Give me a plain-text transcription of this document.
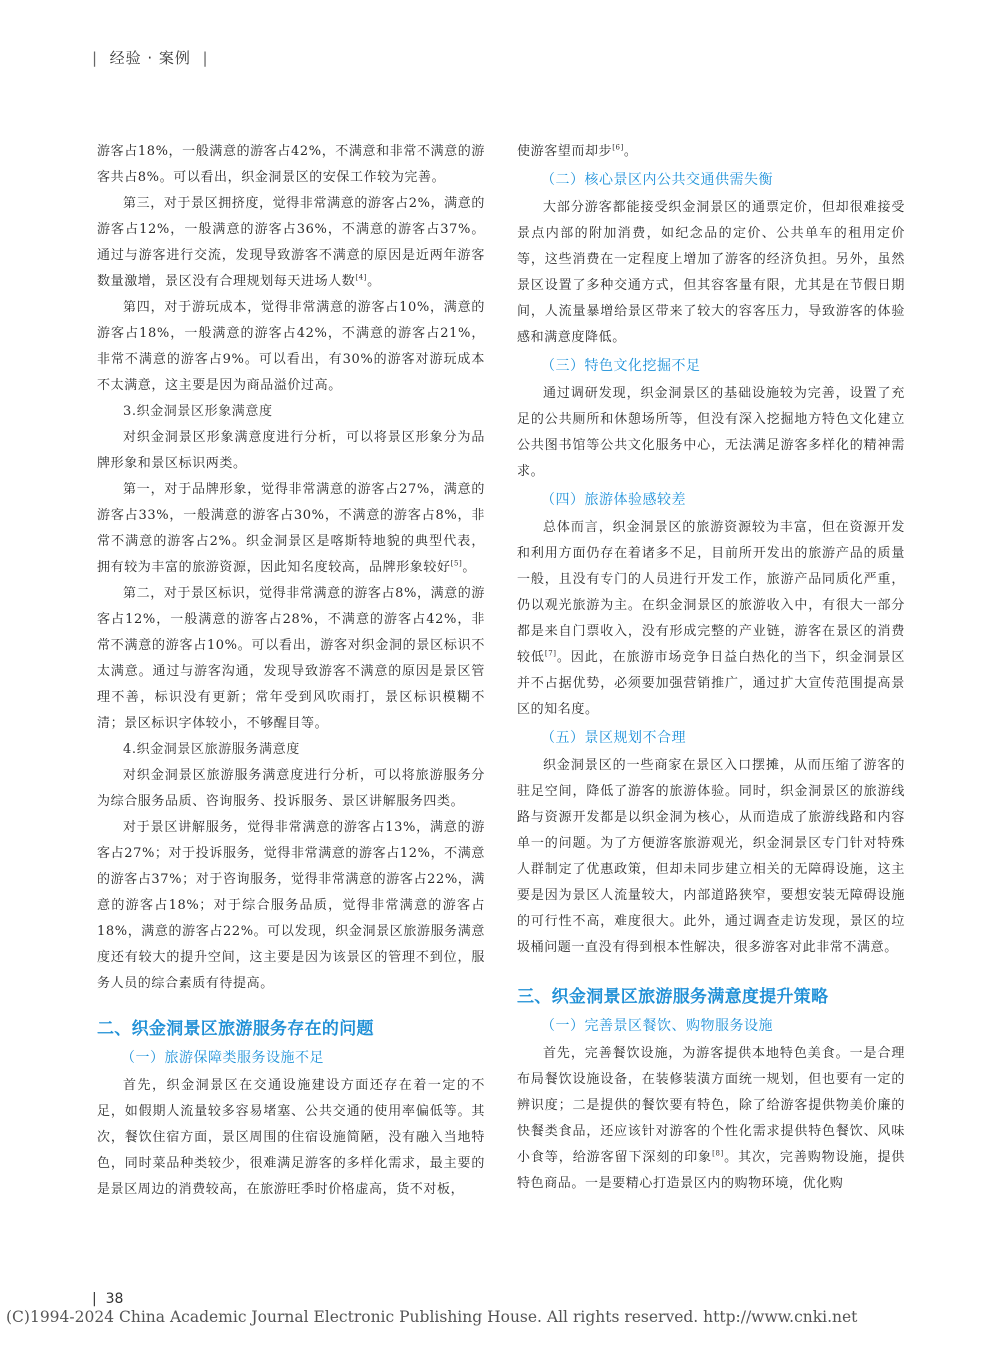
| 经验 · 案例 |

游客占18%，一般满意的游客占42%，不满意和非常不满意的游客共占8%。可以看出，织金洞景区的安保工作较为完善。

第三，对于景区拥挤度，觉得非常满意的游客占2%，满意的游客占12%，一般满意的游客占36%，不满意的游客占37%。通过与游客进行交流，发现导致游客不满意的原因是近两年游客数量激增，景区没有合理规划每天进场人数[4]。

第四，对于游玩成本，觉得非常满意的游客占10%，满意的游客占18%，一般满意的游客占42%，不满意的游客占21%，非常不满意的游客占9%。可以看出，有30%的游客对游玩成本不太满意，这主要是因为商品溢价过高。

3.织金洞景区形象满意度

对织金洞景区形象满意度进行分析，可以将景区形象分为品牌形象和景区标识两类。

第一，对于品牌形象，觉得非常满意的游客占27%，满意的游客占33%，一般满意的游客占30%，不满意的游客占8%，非常不满意的游客占2%。织金洞景区是喀斯特地貌的典型代表，拥有较为丰富的旅游资源，因此知名度较高，品牌形象较好[5]。

第二，对于景区标识，觉得非常满意的游客占8%，满意的游客占12%，一般满意的游客占28%，不满意的游客占42%，非常不满意的游客占10%。可以看出，游客对织金洞的景区标识不太满意。通过与游客沟通，发现导致游客不满意的原因是景区管理不善，标识没有更新；常年受到风吹雨打，景区标识模糊不清；景区标识字体较小，不够醒目等。

4.织金洞景区旅游服务满意度

对织金洞景区旅游服务满意度进行分析，可以将旅游服务分为综合服务品质、咨询服务、投诉服务、景区讲解服务四类。

对于景区讲解服务，觉得非常满意的游客占13%，满意的游客占27%；对于投诉服务，觉得非常满意的游客占12%，不满意的游客占37%；对于咨询服务，觉得非常满意的游客占22%，满意的游客占18%；对于综合服务品质，觉得非常满意的游客占18%，满意的游客占22%。可以发现，织金洞景区旅游服务满意度还有较大的提升空间，这主要是因为该景区的管理不到位，服务人员的综合素质有待提高。

二、织金洞景区旅游服务存在的问题
（一）旅游保障类服务设施不足

首先，织金洞景区在交通设施建设方面还存在着一定的不足，如假期人流量较多容易堵塞、公共交通的使用率偏低等。其次，餐饮住宿方面，景区周围的住宿设施简陋，没有融入当地特色，同时菜品种类较少，很难满足游客的多样化需求，最主要的是景区周边的消费较高，在旅游旺季时价格虚高，货不对板，

使游客望而却步[6]。

（二）核心景区内公共交通供需失衡

大部分游客都能接受织金洞景区的通票定价，但却很难接受景点内部的附加消费，如纪念品的定价、公共单车的租用定价等，这些消费在一定程度上增加了游客的经济负担。另外，虽然景区设置了多种交通方式，但其容客量有限，尤其是在节假日期间，人流量暴增给景区带来了较大的容客压力，导致游客的体验感和满意度降低。

（三）特色文化挖掘不足

通过调研发现，织金洞景区的基础设施较为完善，设置了充足的公共厕所和休憩场所等，但没有深入挖掘地方特色文化建立公共图书馆等公共文化服务中心，无法满足游客多样化的精神需求。

（四）旅游体验感较差

总体而言，织金洞景区的旅游资源较为丰富，但在资源开发和利用方面仍存在着诸多不足，目前所开发出的旅游产品的质量一般，且没有专门的人员进行开发工作，旅游产品同质化严重，仍以观光旅游为主。在织金洞景区的旅游收入中，有很大一部分都是来自门票收入，没有形成完整的产业链，游客在景区的消费较低[7]。因此，在旅游市场竞争日益白热化的当下，织金洞景区并不占据优势，必须要加强营销推广，通过扩大宣传范围提高景区的知名度。

（五）景区规划不合理

织金洞景区的一些商家在景区入口摆摊，从而压缩了游客的驻足空间，降低了游客的旅游体验。同时，织金洞景区的旅游线路与资源开发都是以织金洞为核心，从而造成了旅游线路和内容单一的问题。为了方便游客旅游观光，织金洞景区专门针对特殊人群制定了优惠政策，但却未同步建立相关的无障碍设施，这主要是因为景区人流量较大，内部道路狭窄，要想安装无障碍设施的可行性不高，难度很大。此外，通过调查走访发现，景区的垃圾桶问题一直没有得到根本性解决，很多游客对此非常不满意。

三、织金洞景区旅游服务满意度提升策略
（一）完善景区餐饮、购物服务设施

首先，完善餐饮设施，为游客提供本地特色美食。一是合理布局餐饮设施设备，在装修装潢方面统一规划，但也要有一定的辨识度；二是提供的餐饮要有特色，除了给游客提供物美价廉的快餐类食品，还应该针对游客的个性化需求提供特色餐饮、风味小食等，给游客留下深刻的印象[8]。其次，完善购物设施，提供特色商品。一是要精心打造景区内的购物环境，优化购

|  38
(C)1994-2024 China Academic Journal Electronic Publishing House. All rights reserved. http://www.cnki.net
